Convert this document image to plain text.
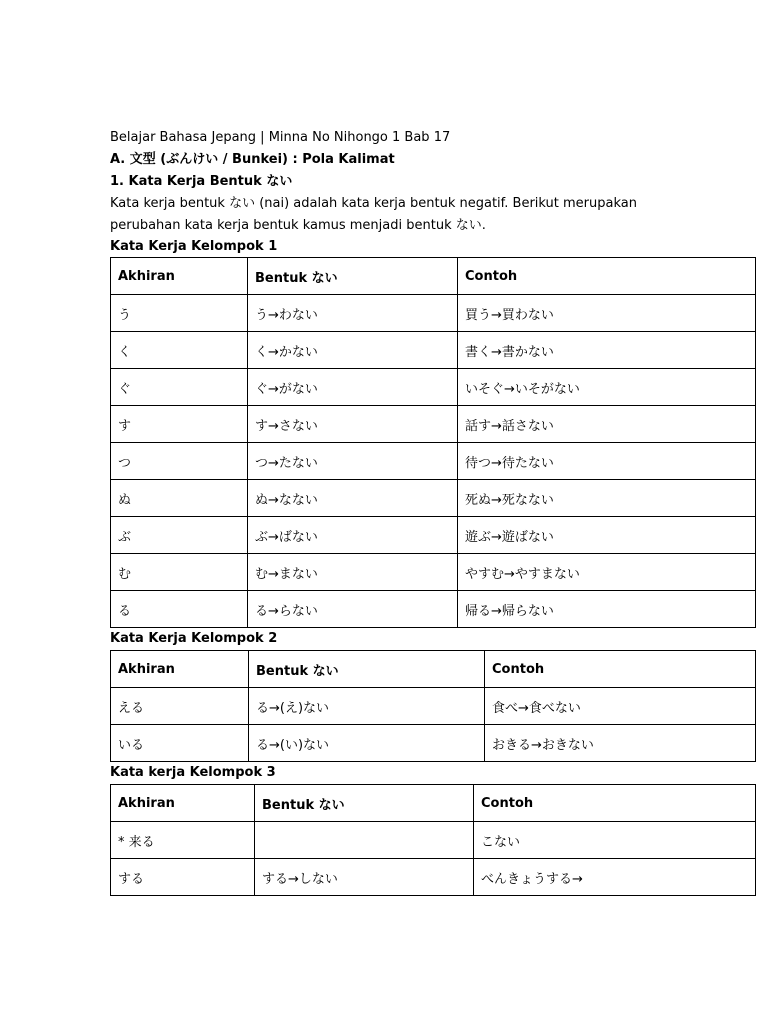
Belajar Bahasa Jepang | Minna No Nihongo 1 Bab 17
A. 文型 (ぶんけい / Bunkei) : Pola Kalimat
1. Kata Kerja Bentuk ない
Kata kerja bentuk ない (nai) adalah kata kerja bentuk negatif. Berikut merupakan
perubahan kata kerja bentuk kamus menjadi bentuk ない.
Kata Kerja Kelompok 1
Akhiran	Bentuk ない	Contoh
う	う→わない	買う→買わない
く	く→かない	書く→書かない
ぐ	ぐ→がない	いそぐ→いそがない
す	す→さない	話す→話さない
つ	つ→たない	待つ→待たない
ぬ	ぬ→なない	死ぬ→死なない
ぶ	ぶ→ばない	遊ぶ→遊ばない
む	む→まない	やすむ→やすまない
る	る→らない	帰る→帰らない
Kata Kerja Kelompok 2
Akhiran	Bentuk ない	Contoh
える	る→(え)ない	食べ→食べない
いる	る→(い)ない	おきる→おきない
Kata kerja Kelompok 3
Akhiran	Bentuk ない	Contoh
* 来る		こない
する	する→しない	べんきょうする→
